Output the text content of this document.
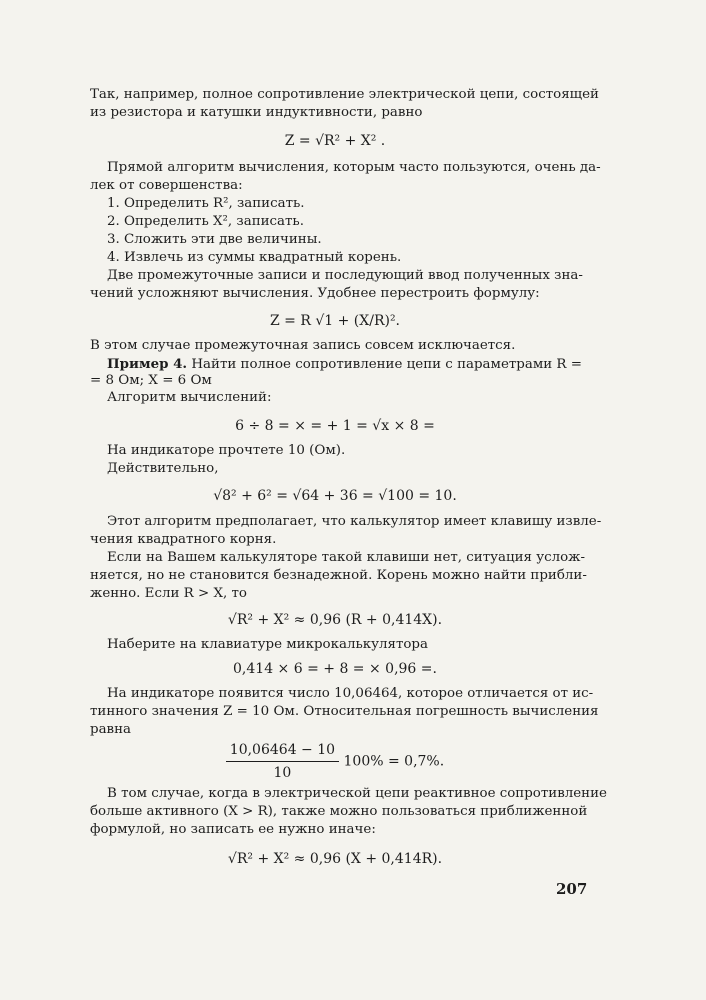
Так, например, полное сопротивление электрической цепи, состоящей
из резистора и катушки индуктивности, равно
Z = √R² + X² .
Прямой алгоритм вычисления, которым часто пользуются, очень да-
лек от совершенства:
1. Определить R², записать.
2. Определить X², записать.
3. Сложить эти две величины.
4. Извлечь из суммы квадратный корень.
Две промежуточные записи и последующий ввод полученных зна-
чений усложняют вычисления. Удобнее перестроить формулу:
Z = R √1 + (X/R)².
В этом случае промежуточная запись совсем исключается.
Пример 4. Найти полное сопротивление цепи с параметрами R =
= 8 Ом; X = 6 Ом
Алгоритм вычислений:
6 ÷ 8 = × = + 1 = √x × 8 =
На индикаторе прочтете 10 (Ом).
Действительно,
√8² + 6² = √64 + 36 = √100 = 10.
Этот алгоритм предполагает, что калькулятор имеет клавишу извле-
чения квадратного корня.
Если на Вашем калькуляторе такой клавиши нет, ситуация услож-
няется, но не становится безнадежной. Корень можно найти прибли-
женно. Если R > X, то
√R² + X² ≈ 0,96 (R + 0,414X).
Наберите на клавиатуре микрокалькулятора
0,414 × 6 = + 8 = × 0,96 =.
На индикаторе появится число 10,06464, которое отличается от ис-
тинного значения Z = 10 Ом. Относительная погрешность вычисления
равна
$\frac{10,06464 - 10}{10} 100\% = 0,7\%$.
В том случае, когда в электрической цепи реактивное сопротивление
больше активного (X > R), также можно пользоваться приближенной
формулой, но записать ее нужно иначе:
√R² + X² ≈ 0,96 (X + 0,414R).
207
